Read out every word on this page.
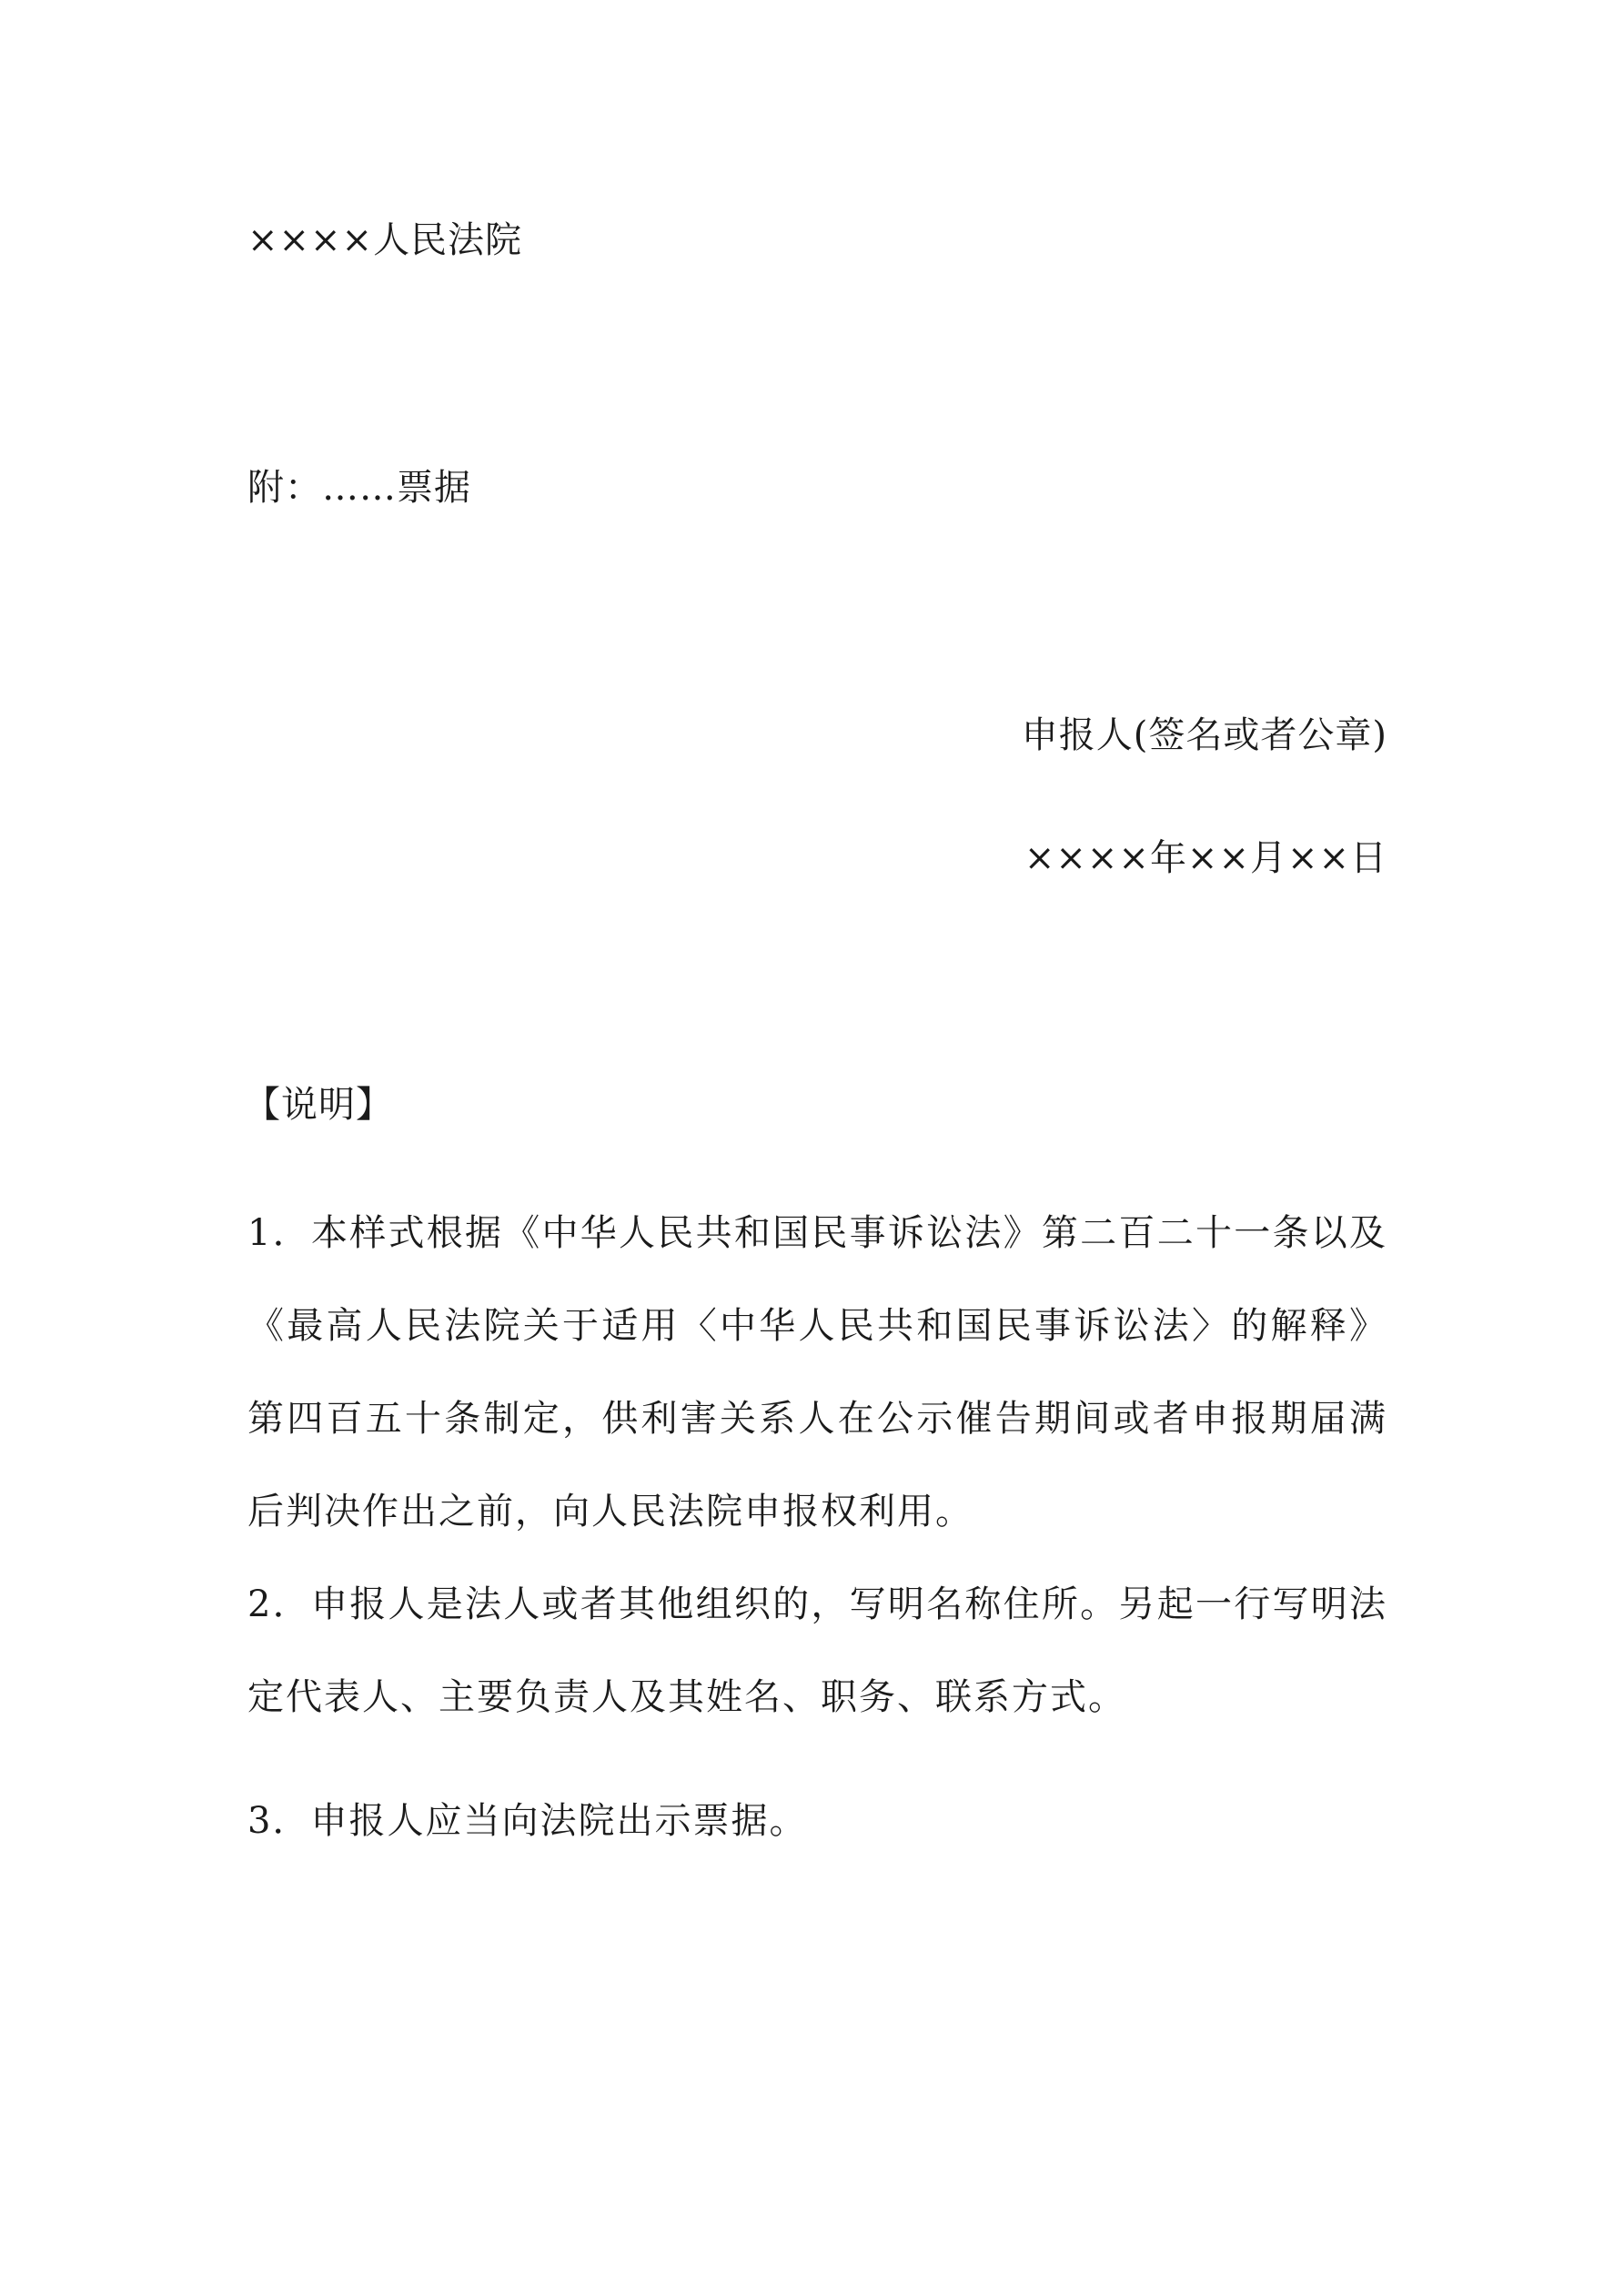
××××人民法院

附：……票据

申报人(签名或者公章)

××××年××月××日

【说明】

1．本样式根据《中华人民共和国民事诉讼法》第二百二十一条以及《最高人民法院关于适用〈中华人民共和国民事诉讼法〉的解释》第四百五十条制定，供利害关系人在公示催告期间或者申报期届满后判决作出之前，向人民法院申报权利用。

2．申报人是法人或者其他组织的，写明名称住所。另起一行写明法定代表人、主要负责人及其姓名、职务、联系方式。

3．申报人应当向法院出示票据。
